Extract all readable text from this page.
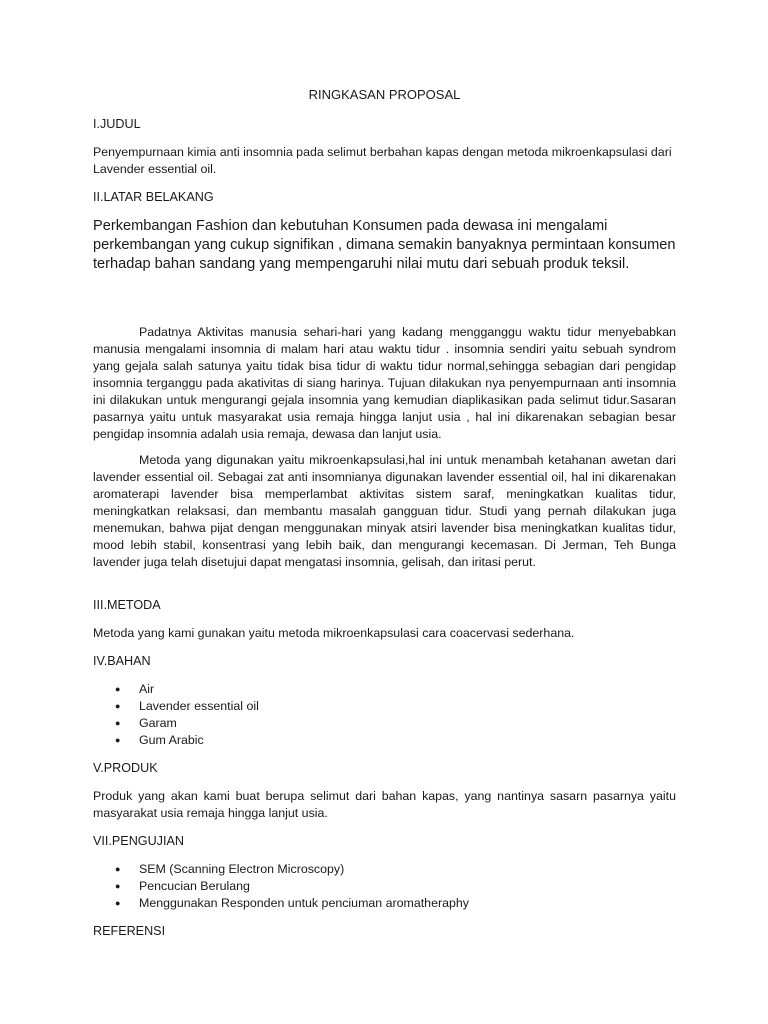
RINGKASAN PROPOSAL
I.JUDUL

Penyempurnaan kimia anti insomnia pada selimut berbahan kapas dengan metoda mikroenkapsulasi dari Lavender essential oil.

II.LATAR BELAKANG

Perkembangan Fashion dan kebutuhan Konsumen pada dewasa ini mengalami perkembangan yang cukup signifikan , dimana semakin banyaknya permintaan konsumen terhadap bahan sandang yang mempengaruhi nilai mutu dari sebuah produk teksil.

Padatnya Aktivitas manusia sehari-hari yang kadang mengganggu waktu tidur menyebabkan manusia mengalami insomnia di malam hari atau waktu tidur . insomnia sendiri yaitu sebuah syndrom yang gejala salah satunya yaitu tidak bisa tidur di waktu tidur normal,sehingga sebagian dari pengidap insomnia terganggu pada akativitas di siang harinya. Tujuan dilakukan nya penyempurnaan anti insomnia ini dilakukan untuk mengurangi gejala insomnia yang kemudian diaplikasikan pada selimut tidur.Sasaran pasarnya yaitu untuk masyarakat usia remaja hingga lanjut usia , hal ini dikarenakan sebagian besar pengidap insomnia adalah usia remaja, dewasa dan lanjut usia.

Metoda yang digunakan yaitu mikroenkapsulasi,hal ini untuk menambah ketahanan awetan dari lavender essential oil. Sebagai zat anti insomnianya digunakan lavender essential oil, hal ini dikarenakan aromaterapi lavender bisa memperlambat aktivitas sistem saraf, meningkatkan kualitas tidur, meningkatkan relaksasi, dan membantu masalah gangguan tidur. Studi yang pernah dilakukan juga menemukan, bahwa pijat dengan menggunakan minyak atsiri lavender bisa meningkatkan kualitas tidur, mood lebih stabil, konsentrasi yang lebih baik, dan mengurangi kecemasan. Di Jerman, Teh Bunga lavender juga telah disetujui dapat mengatasi insomnia, gelisah, dan iritasi perut.

III.METODA

Metoda yang kami gunakan yaitu metoda mikroenkapsulasi cara coacervasi sederhana.

IV.BAHAN
● Air
● Lavender essential oil
● Garam
● Gum Arabic
V.PRODUK

Produk yang akan kami buat berupa selimut dari bahan kapas, yang nantinya sasarn pasarnya yaitu masyarakat usia remaja hingga lanjut usia.

VII.PENGUJIAN
● SEM (Scanning Electron Microscopy)
● Pencucian Berulang
● Menggunakan Responden untuk penciuman aromatheraphy
REFERENSI
